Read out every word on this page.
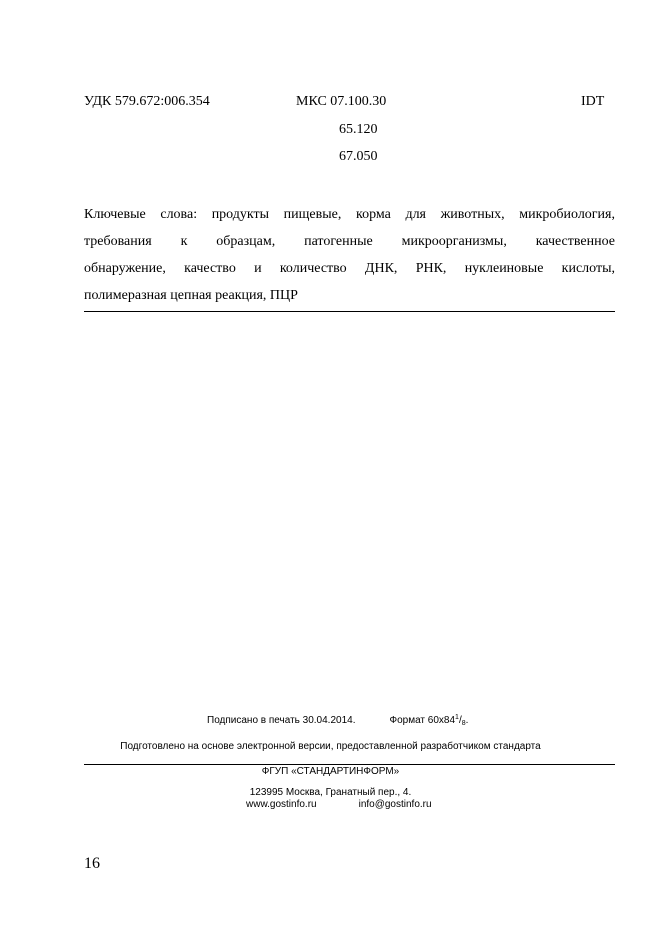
УДК 579.672:006.354	МКС 07.100.30	IDT
65.120
67.050
Ключевые слова: продукты пищевые, корма для животных, микробиология,
требования к образцам, патогенные микроорганизмы, качественное
обнаружение, качество и количество ДНК, РНК, нуклеиновые кислоты,
полимеразная цепная реакция, ПЦР
Подписано в печать 30.04.2014.	Формат $60x84^1/_8$.
Подготовлено на основе электронной версии, предоставленной разработчиком стандарта
ФГУП «СТАНДАРТИНФОРМ»
123995 Москва, Гранатный пер., 4.
www.gostinfo.ru	info@gostinfo.ru
16
